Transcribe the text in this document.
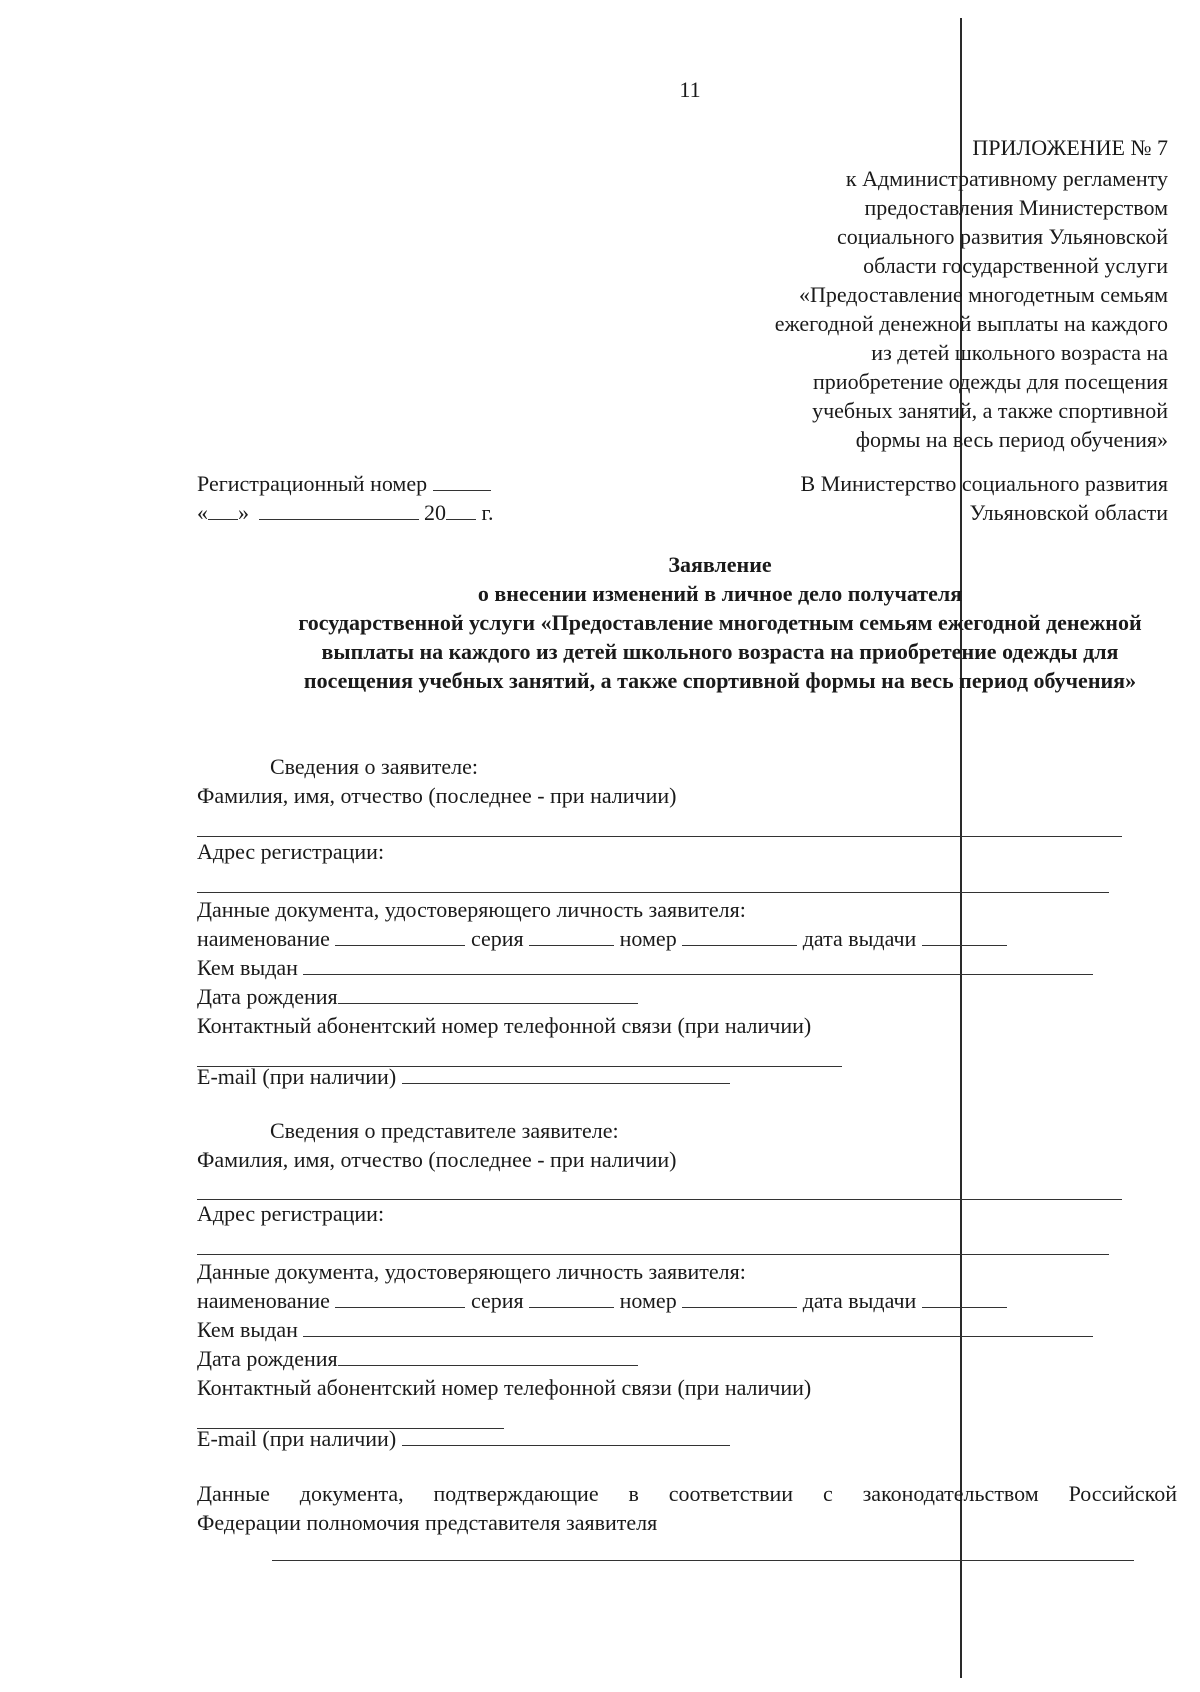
11
ПРИЛОЖЕНИЕ № 7
к Административному регламенту
предоставления Министерством
социального развития Ульяновской
области государственной услуги
«Предоставление многодетным семьям
ежегодной денежной выплаты на каждого
из детей школьного возраста на
приобретение одежды для посещения
учебных занятий, а также спортивной
формы на весь период обучения»
Регистрационный номер
« »	20 г.
В Министерство социального развития
Ульяновской области
Заявление
о внесении изменений в личное дело получателя
государственной услуги «Предоставление многодетным семьям ежегодной денежной
выплаты на каждого из детей школьного возраста на приобретение одежды для
посещения учебных занятий, а также спортивной формы на весь период обучения»
Сведения о заявителе:
Фамилия, имя, отчество (последнее - при наличии)
Адрес регистрации:
Данные документа, удостоверяющего личность заявителя:
наименование	серия	номер	дата выдачи
Кем выдан
Дата рождения
Контактный абонентский номер телефонной связи (при наличии)
E-mail (при наличии)
Сведения о представителе заявителе:
Фамилия, имя, отчество (последнее - при наличии)
Адрес регистрации:
Данные документа, удостоверяющего личность заявителя:
наименование	серия	номер	дата выдачи
Кем выдан
Дата рождения
Контактный абонентский номер телефонной связи (при наличии)
E-mail (при наличии)
Данные документа, подтверждающие в соответствии с законодательством Российской
Федерации полномочия представителя заявителя
